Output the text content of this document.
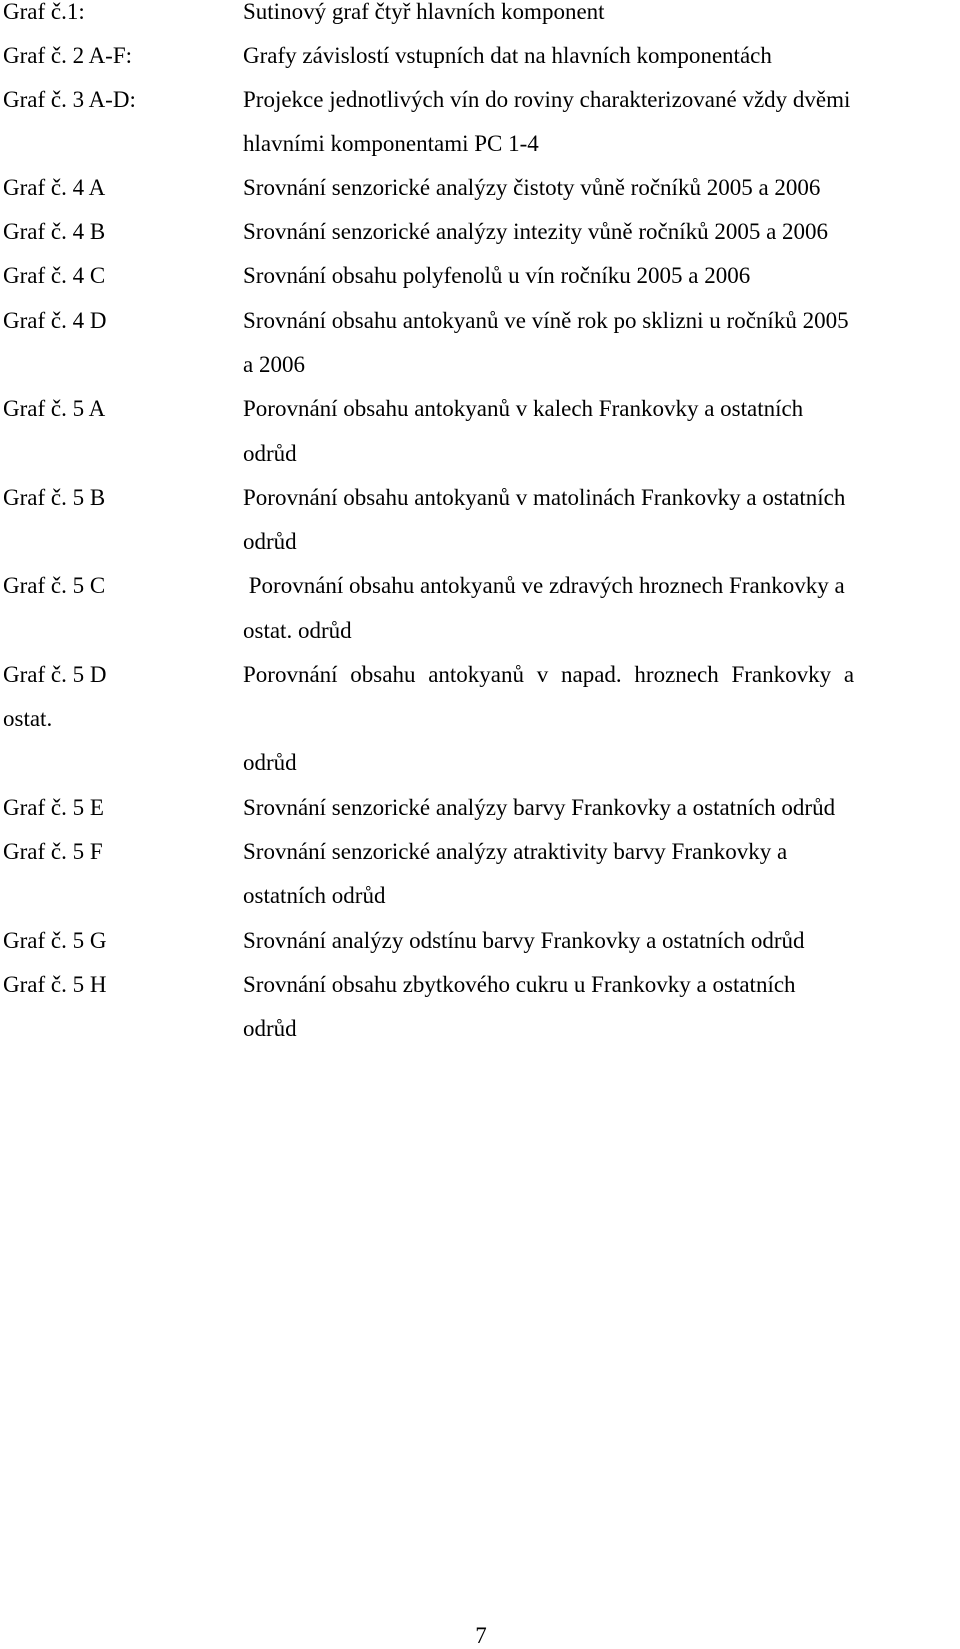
Graf č.1:	Sutinový graf čtyř hlavních komponent
Graf č. 2 A-F:	Grafy závislostí vstupních dat na hlavních komponentách
Graf č. 3 A-D:	Projekce jednotlivých vín do roviny charakterizované vždy dvěmi
hlavními komponentami PC 1-4
Graf č. 4 A	Srovnání senzorické analýzy čistoty vůně ročníků 2005 a 2006
Graf č. 4 B	Srovnání senzorické analýzy intezity vůně ročníků 2005 a 2006
Graf č. 4 C	Srovnání obsahu polyfenolů u vín ročníku 2005 a 2006
Graf č. 4 D	Srovnání obsahu antokyanů ve víně rok po sklizni u ročníků 2005
a 2006
Graf č. 5 A	Porovnání obsahu antokyanů v kalech Frankovky a ostatních
odrůd
Graf č. 5 B	Porovnání obsahu antokyanů v matolinách Frankovky a ostatních
odrůd
Graf č. 5 C	Porovnání obsahu antokyanů ve zdravých hroznech Frankovky a
ostat. odrůd
Graf č. 5 D	Porovnání obsahu antokyanů v napad. hroznech Frankovky a
ostat.
odrůd
Graf č. 5 E	Srovnání senzorické analýzy barvy Frankovky a ostatních odrůd
Graf č. 5 F	Srovnání senzorické analýzy atraktivity barvy Frankovky a
ostatních odrůd
Graf č. 5 G	Srovnání analýzy odstínu barvy Frankovky a ostatních odrůd
Graf č. 5 H	Srovnání obsahu zbytkového cukru u Frankovky a ostatních
odrůd
7
